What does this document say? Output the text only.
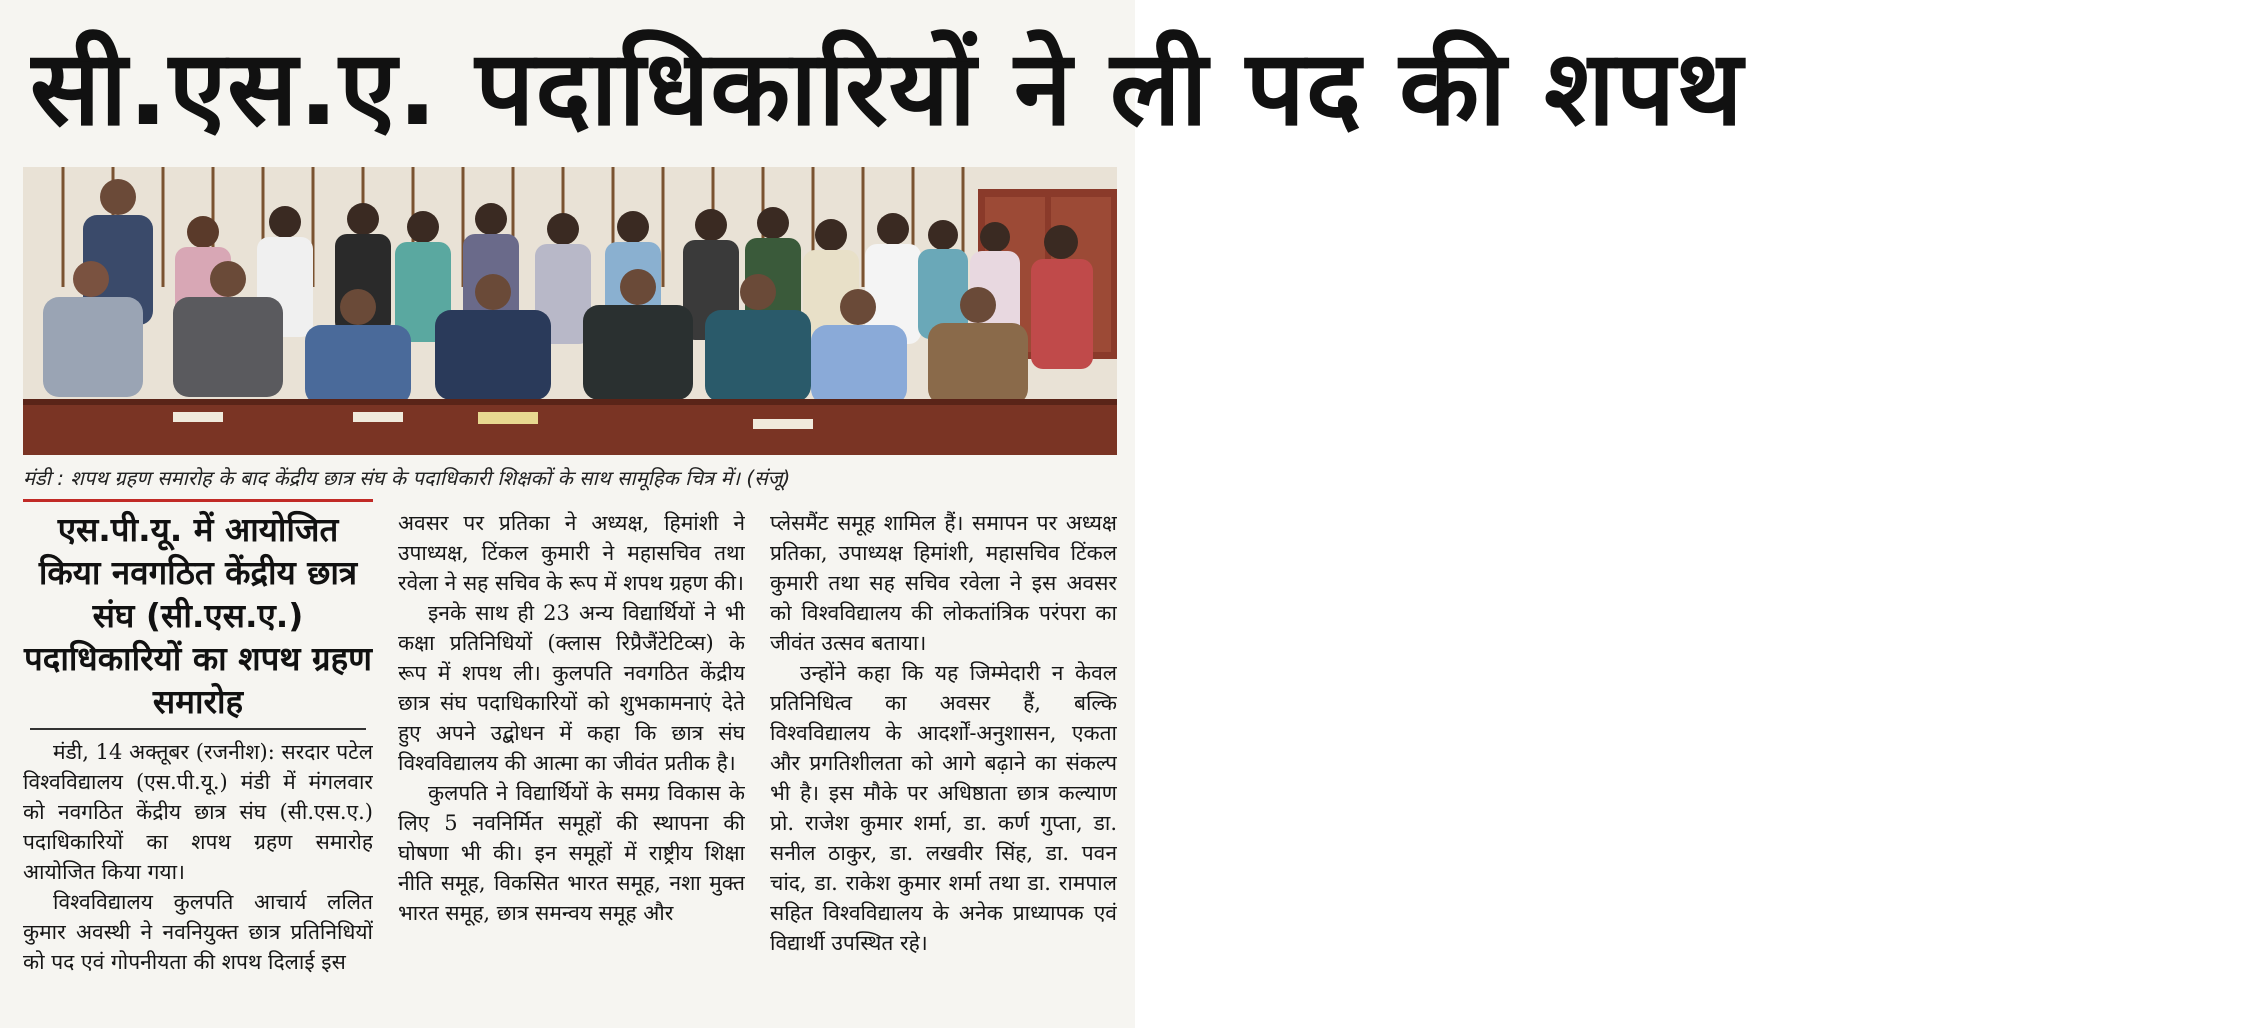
सी.एस.ए. पदाधिकारियों ने ली पद की शपथ
मंडी : शपथ ग्रहण समारोह के बाद केंद्रीय छात्र संघ के पदाधिकारी शिक्षकों के साथ सामूहिक चित्र में। (संजू)
एस.पी.यू. में आयोजित किया नवगठित केंद्रीय छात्र संघ (सी.एस.ए.) पदाधिकारियों का शपथ ग्रहण समारोह

मंडी, 14 अक्तूबर (रजनीश): सरदार पटेल विश्वविद्यालय (एस.पी.यू.) मंडी में मंगलवार को नवगठित केंद्रीय छात्र संघ (सी.एस.ए.) पदाधिकारियों का शपथ ग्रहण समारोह आयोजित किया गया।

विश्वविद्यालय कुलपति आचार्य ललित कुमार अवस्थी ने नवनियुक्त छात्र प्रतिनिधियों को पद एवं गोपनीयता की शपथ दिलाई इस

अवसर पर प्रतिका ने अध्यक्ष, हिमांशी ने उपाध्यक्ष, टिंकल कुमारी ने महासचिव तथा रवेला ने सह सचिव के रूप में शपथ ग्रहण की।

इनके साथ ही 23 अन्य विद्यार्थियों ने भी कक्षा प्रतिनिधियों (क्लास रिप्रैजैंटेटिव्स) के रूप में शपथ ली। कुलपति नवगठित केंद्रीय छात्र संघ पदाधिकारियों को शुभकामनाएं देते हुए अपने उद्बोधन में कहा कि छात्र संघ विश्वविद्यालय की आत्मा का जीवंत प्रतीक है।

कुलपति ने विद्यार्थियों के समग्र विकास के लिए 5 नवनिर्मित समूहों की स्थापना की घोषणा भी की। इन समूहों में राष्ट्रीय शिक्षा नीति समूह, विकसित भारत समूह, नशा मुक्त भारत समूह, छात्र समन्वय समूह और

प्लेसमैंट समूह शामिल हैं। समापन पर अध्यक्ष प्रतिका, उपाध्यक्ष हिमांशी, महासचिव टिंकल कुमारी तथा सह सचिव रवेला ने इस अवसर को विश्वविद्यालय की लोकतांत्रिक परंपरा का जीवंत उत्सव बताया।

उन्होंने कहा कि यह जिम्मेदारी न केवल प्रतिनिधित्व का अवसर हैं, बल्कि विश्वविद्यालय के आदर्शों-अनुशासन, एकता और प्रगतिशीलता को आगे बढ़ाने का संकल्प भी है। इस मौके पर अधिष्ठाता छात्र कल्याण प्रो. राजेश कुमार शर्मा, डा. कर्ण गुप्ता, डा. सनील ठाकुर, डा. लखवीर सिंह, डा. पवन चांद, डा. राकेश कुमार शर्मा तथा डा. रामपाल सहित विश्वविद्यालय के अनेक प्राध्यापक एवं विद्यार्थी उपस्थित रहे।
